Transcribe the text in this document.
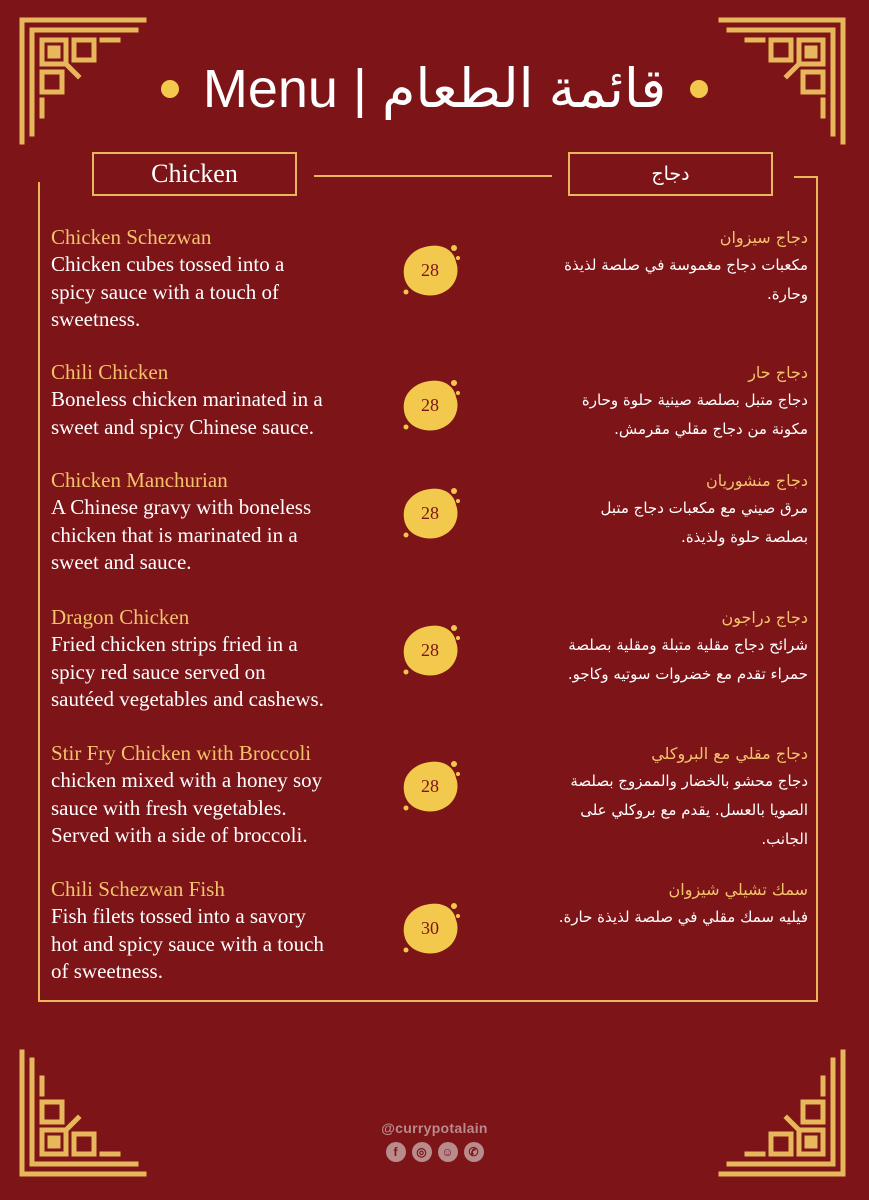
Menu | قائمة الطعام
Chicken	دجاج

Chicken Schezwan

Chicken cubes tossed into a

spicy sauce with a touch of

sweetness.

28

دجاج سيزوان

مكعبات دجاج مغموسة في صلصة لذيذة

وحارة.

Chili Chicken

Boneless chicken marinated in a

sweet and spicy Chinese sauce.

28

دجاج حار

دجاج متبل بصلصة صينية حلوة وحارة

مكونة من دجاج مقلي مقرمش.

Chicken Manchurian

A Chinese gravy with boneless

chicken that is marinated in a

sweet and sauce.

28

دجاج منشوريان

مرق صيني مع مكعبات دجاج متبل

بصلصة حلوة ولذيذة.

Dragon Chicken

Fried chicken strips fried in a

spicy red sauce served on

sautéed vegetables and cashews.

28

دجاج دراجون

شرائح دجاج مقلية متبلة ومقلية بصلصة

حمراء تقدم مع خضروات سوتيه وكاجو.

Stir Fry Chicken with Broccoli

chicken mixed with a honey soy

sauce with fresh vegetables.

Served with a side of broccoli.

28

دجاج مقلي مع البروكلي

دجاج محشو بالخضار والممزوج بصلصة

الصويا بالعسل. يقدم مع بروكلي على

الجانب.

Chili Schezwan Fish

Fish filets tossed into a savory

hot and spicy sauce with a touch

of sweetness.

30

سمك تشيلي شيزوان

فيليه سمك مقلي في صلصة لذيذة حارة.

@currypotalain
f	◎	☺	✆
